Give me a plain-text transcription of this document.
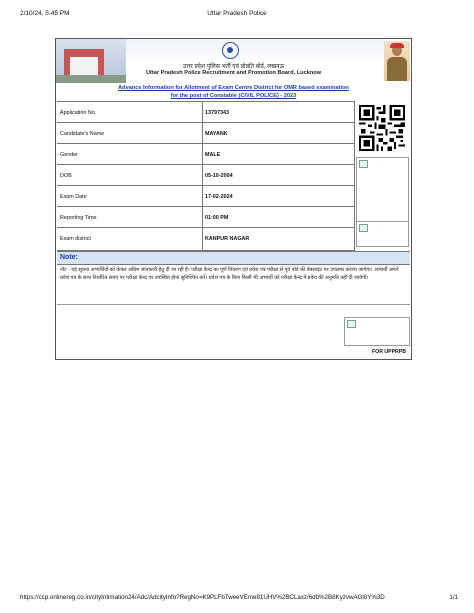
2/10/24, 5:45 PM	Uttar Pradesh Police
उत्तर प्रदेश पुलिस भर्ती एवं प्रोन्नति बोर्ड, लखनऊ
Uttar Pradesh Police Recruitment and Promotion Board, Lucknow
Advance Information for Allotment of Exam Centre District for OMR based examination
for the post of Constable (CIVIL POLICE) - 2023
Application No.	13797343
Candidate's Name	MAYANK
Gender	MALE
DOB	05-10-2004
Exam Date	17-02-2024
Reporting Time	01:00 PM
Exam district	KANPUR NAGAR
Note:
नोट - यह सूचना अभ्यर्थियों को केवल अग्रिम जानकारी हेतु दी जा रही है। परीक्षा केन्द्र का पूर्ण विवरण एवं प्रवेश पत्र परीक्षा से पूर्व बोर्ड की वेबसाइट पर उपलब्ध कराया जायेगा। अभ्यर्थी अपने प्रवेश पत्र के साथ निर्धारित समय पर परीक्षा केन्द्र पर उपस्थित होना सुनिश्चित करें। प्रवेश पत्र के बिना किसी भी अभ्यर्थी को परीक्षा केन्द्र में प्रवेश की अनुमति नहीं दी जायेगी।
FOR UPPRPB
https://ccp.onlinereg.co.in/cityIntimation24/Adc/AdcityInfo?RegNo=K9PLFbTweeVEme81UHV%2BCLaxz/6db%2B8KyzvwAGl0Y%3D	1/1
